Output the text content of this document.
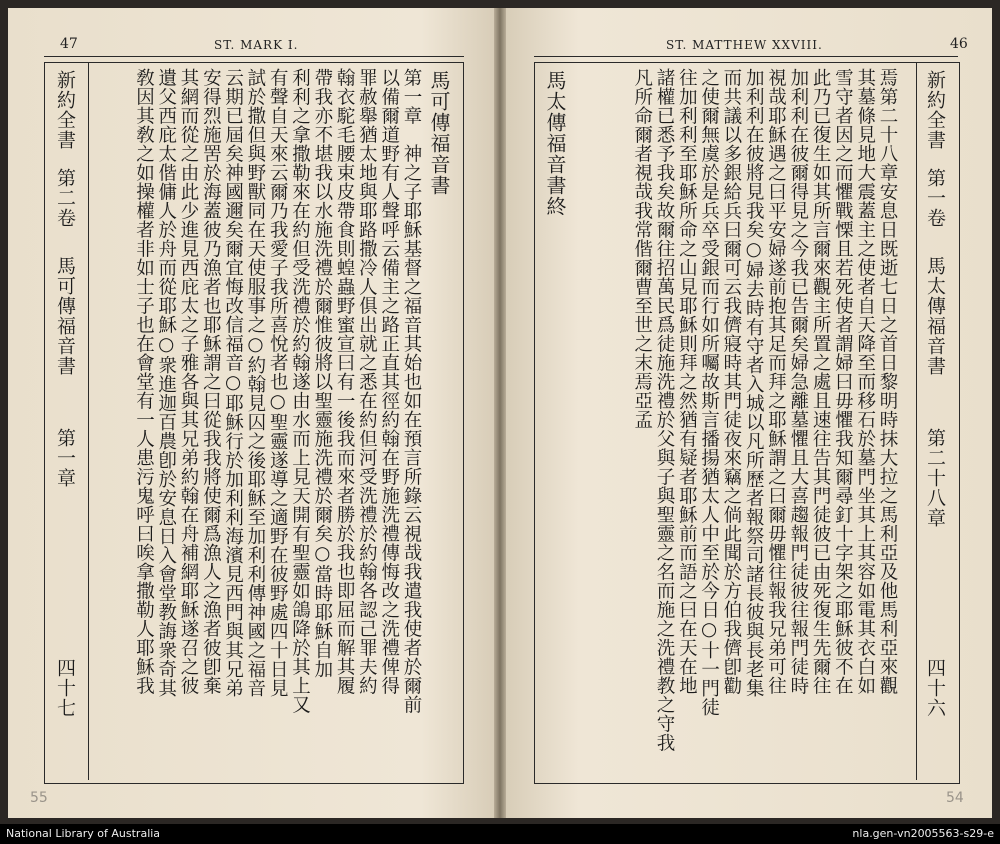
47	ST. MARK I.
新約全書
第二卷
馬可傳福音書
第一章
四十七
馬可傳福音書
第一章　神之子耶穌基督之福音其始也如在預言所錄云視哉我遣我使者於爾前
以備爾道野有人聲呼云備主之路正直其徑約翰在野施洗禮傳悔改之洗禮俾得
罪赦舉猶太地與耶路撒冷人俱出就之悉在約但河受洗禮於約翰各認己罪夫約
翰衣駝毛腰束皮帶食則蝗蟲野蜜宣曰有一後我而來者勝於我也即屈而解其履
帶我亦不堪我以水施洗禮於爾惟彼將以聖靈施洗禮於爾矣○當時耶穌自加
利利之拿撒勒來在約但受洗禮於約翰遂由水而上見天開有聖靈如鴿降於其上又
有聲自天來云爾乃我愛子我所喜悅者也○聖靈遂導之適野在彼野處四十日見
試於撒但與野獸同在天使服事之○約翰見囚之後耶穌至加利利傳神國之福音
云期已屆矣神國邇矣爾宜悔改信福音○耶穌行於加利利海濱見西門與其兄弟
安得烈施罟於海蓋彼乃漁者也耶穌謂之曰從我我將使爾爲漁人之漁者彼卽棄
其網而從之由此少進見西庇太之子雅各與其兄弟約翰在舟補網耶穌遂召之彼
遺父西庇太偕傭人於舟而從耶穌○衆進迦百農卽於安息日入會堂教誨衆奇其
敎因其敎之如操權者非如士子也在會堂有一人患污鬼呼曰唉拿撒勒人耶穌我
55
ST. MATTHEW XXVIII.	46
馬太傳福音書終	焉第二十八章安息日既逝七日之首日黎明時抹大拉之馬利亞及他馬利亞來觀
其墓條見地大震蓋主之使者自天降至而移石於墓門坐其上其容如電其衣白如
雪守者因之而懼戰慄且若死使者謂婦曰毋懼我知爾尋釘十字架之耶穌彼不在
此乃已復生如其所言爾來觀主所置之處且速往告其門徒彼已由死復生先爾往
加利利在彼爾得見之今我已告爾矣婦急離墓懼且大喜趨報門徒彼往報門徒時
視哉耶穌遇之曰平安婦遂前抱其足而拜之耶穌謂之曰爾毋懼往報我兄弟可往
加利利在彼將見我矣○婦去時有守者入城以凡所歷者報祭司諸長彼與長老集
而共議以多銀給兵曰爾可云我儕寢時其門徒夜來竊之倘此聞於方伯我儕卽勸
之使爾無虞於是兵卒受銀而行如所囑故斯言播揚猶太人中至於今日○十一門徒
往加利利至耶穌所命之山見耶穌則拜之然猶有疑者耶穌前而語之曰在天在地
諸權已悉予我矣故爾往招萬民爲徒施洗禮於父與子與聖靈之名而施之洗禮教之守我
凡所命爾者視哉我常偕爾曹至世之末焉亞孟	新約全書
第一卷
馬太傳福音書
第二十八章
四十六
54
National Library of Australia	nla.gen-vn2005563-s29-e
